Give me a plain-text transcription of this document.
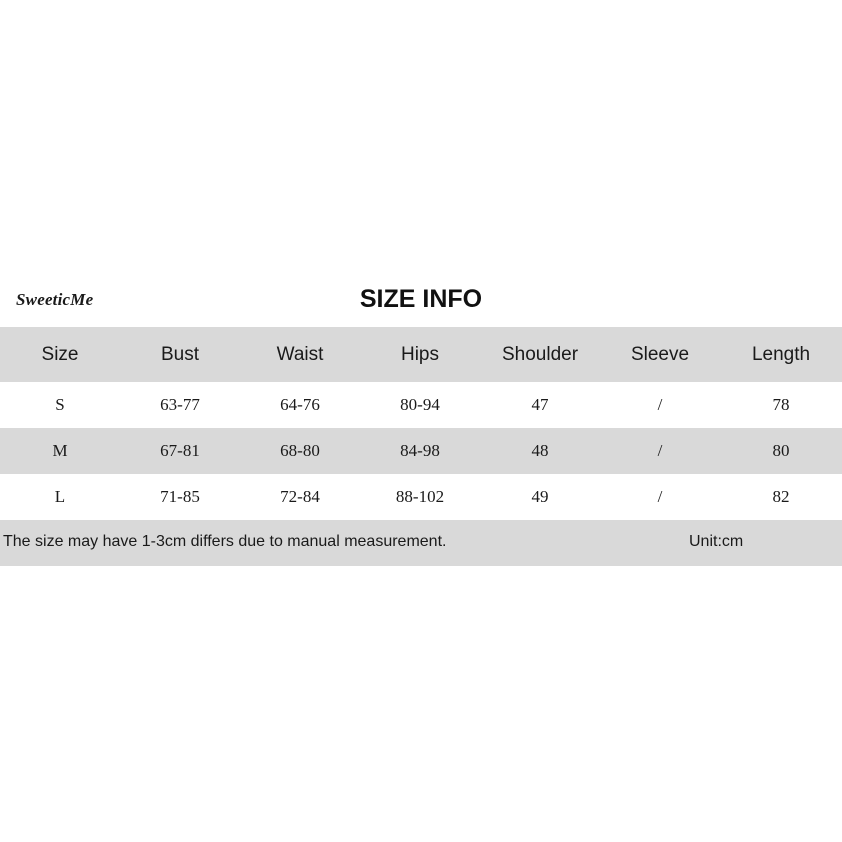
SweeticMe	SIZE INFO
Size	Bust	Waist	Hips	Shoulder	Sleeve	Length
S	63-77	64-76	80-94	47	/	78
M	67-81	68-80	84-98	48	/	80
L	71-85	72-84	88-102	49	/	82
The size may have 1-3cm differs due to manual measurement.	Unit:cm
